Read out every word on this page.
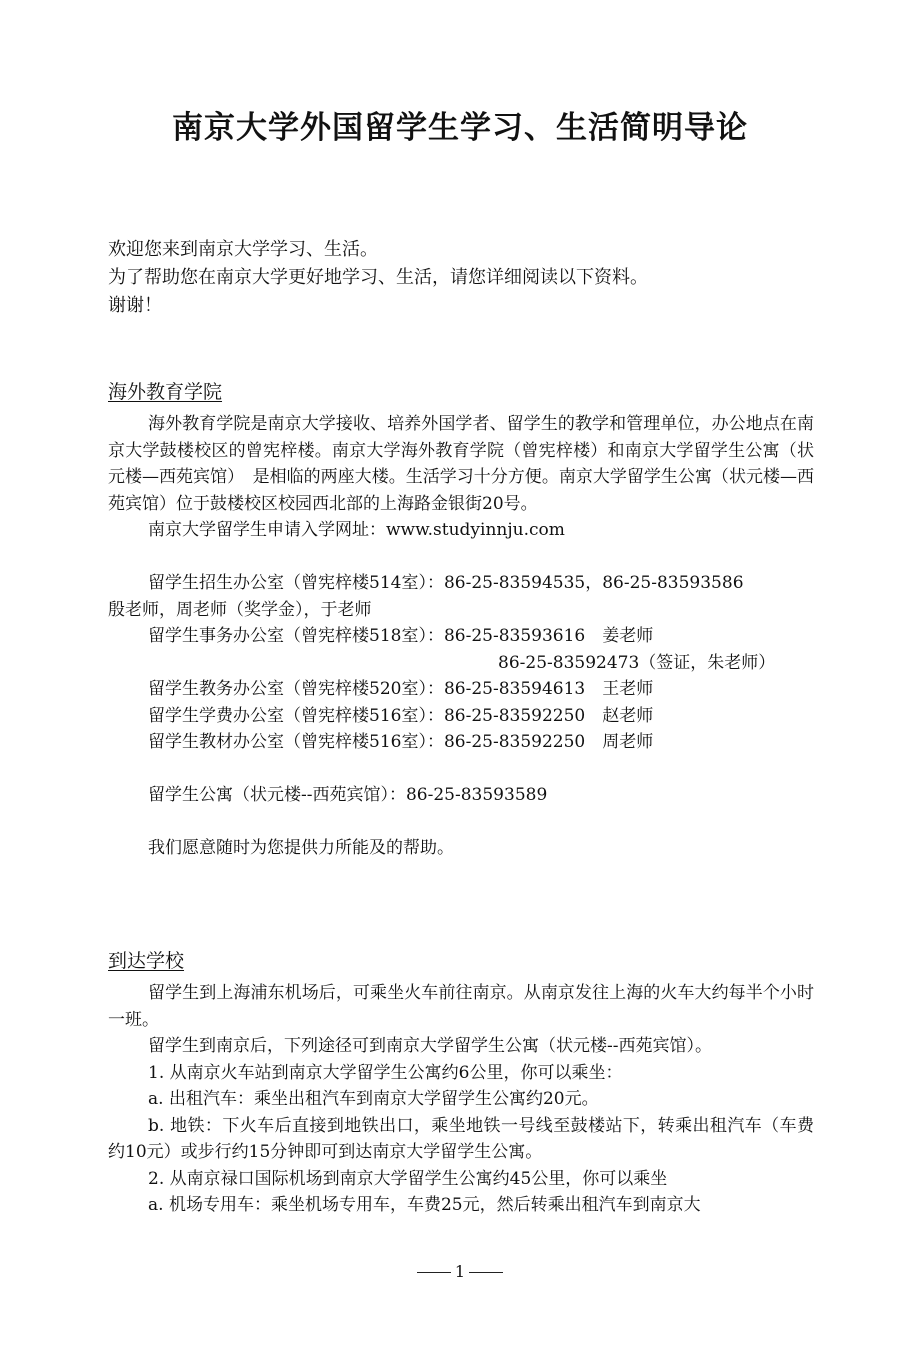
南京大学外国留学生学习、生活简明导论
欢迎您来到南京大学学习、生活。
为了帮助您在南京大学更好地学习、生活，请您详细阅读以下资料。
谢谢！
海外教育学院

海外教育学院是南京大学接收、培养外国学者、留学生的教学和管理单位，办公地点在南京大学鼓楼校区的曾宪梓楼。南京大学海外教育学院（曾宪梓楼）和南京大学留学生公寓（状元楼—西苑宾馆）　是相临的两座大楼。生活学习十分方便。南京大学留学生公寓（状元楼—西苑宾馆）位于鼓楼校区校园西北部的上海路金银街20号。

南京大学留学生申请入学网址：www.studyinnju.com
留学生招生办公室（曾宪梓楼514室）：86-25-83594535，86-25-83593586
殷老师，周老师（奖学金），于老师
留学生事务办公室（曾宪梓楼518室）：86-25-83593616　姜老师
86-25-83592473（签证，朱老师）
留学生教务办公室（曾宪梓楼520室）：86-25-83594613　王老师
留学生学费办公室（曾宪梓楼516室）：86-25-83592250　赵老师
留学生教材办公室（曾宪梓楼516室）：86-25-83592250　周老师
留学生公寓（状元楼--西苑宾馆）：86-25-83593589
我们愿意随时为您提供力所能及的帮助。
到达学校

留学生到上海浦东机场后，可乘坐火车前往南京。从南京发往上海的火车大约每半个小时一班。

留学生到南京后，下列途径可到南京大学留学生公寓（状元楼--西苑宾馆）。

1. 从南京火车站到南京大学留学生公寓约6公里，你可以乘坐：
a. 出租汽车：乘坐出租汽车到南京大学留学生公寓约20元。

b. 地铁：下火车后直接到地铁出口，乘坐地铁一号线至鼓楼站下，转乘出租汽车（车费约10元）或步行约15分钟即可到达南京大学留学生公寓。

2. 从南京禄口国际机场到南京大学留学生公寓约45公里，你可以乘坐
a. 机场专用车：乘坐机场专用车，车费25元，然后转乘出租汽车到南京大
1
